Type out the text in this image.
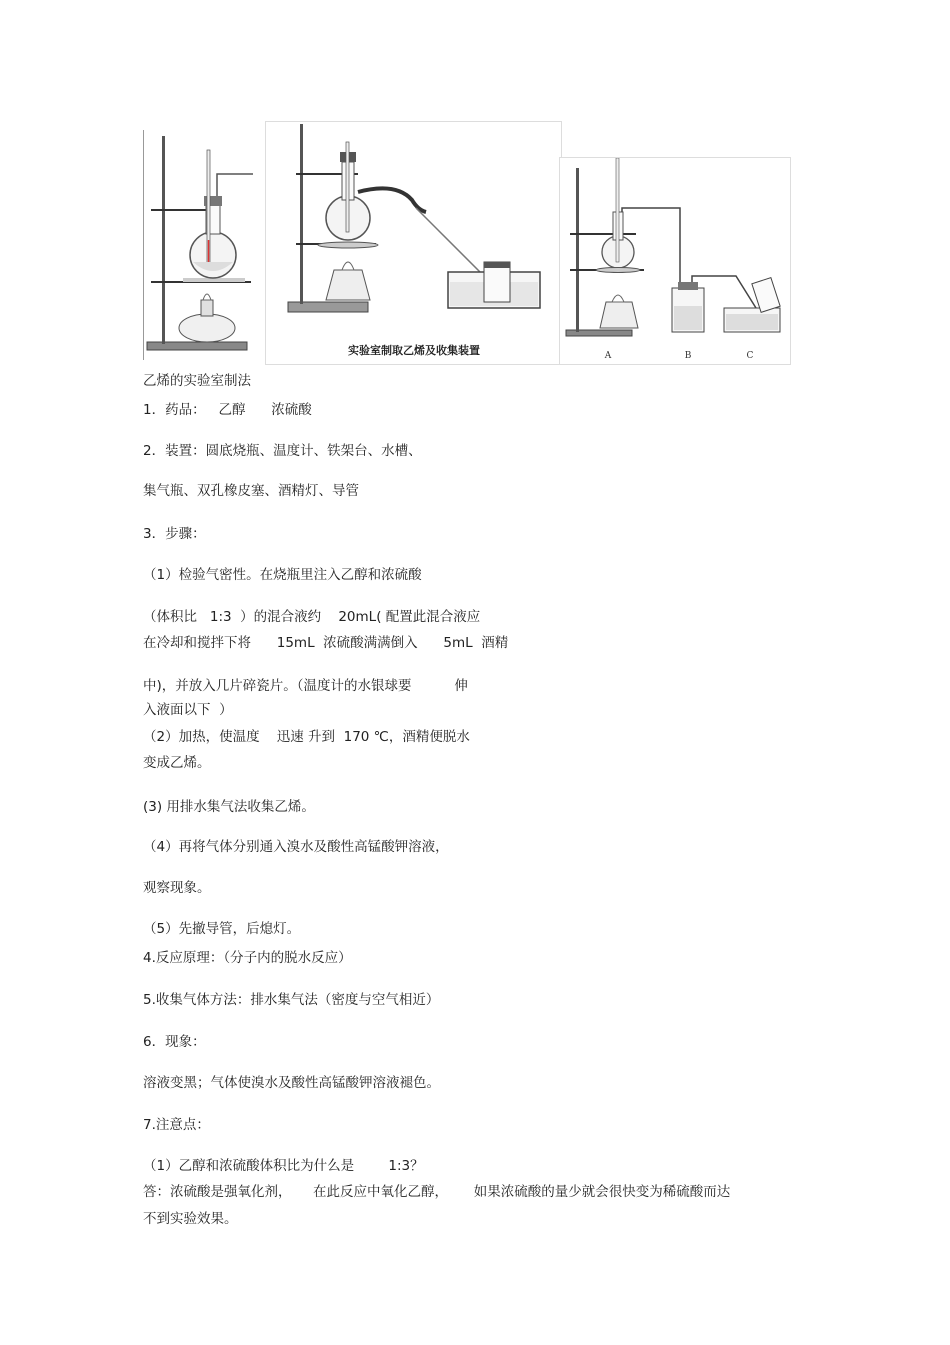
实验室制取乙烯及收集装置	A	B	C
乙烯的实验室制法
1．药品：   乙醇      浓硫酸
2．装置：圆底烧瓶、温度计、铁架台、水槽、
集气瓶、双孔橡皮塞、酒精灯、导管
3．步骤：
（1）检验气密性。在烧瓶里注入乙醇和浓硫酸
（体积比   1:3  ）的混合液约    20mL( 配置此混合液应
在冷却和搅拌下将      15mL  浓硫酸满满倒入      5mL  酒精
中)，并放入几片碎瓷片。（温度计的水银球要          伸
入液面以下  ）
（2）加热，使温度    迅速 升到  170 ℃，酒精便脱水
变成乙烯。
(3) 用排水集气法收集乙烯。
（4）再将气体分别通入溴水及酸性高锰酸钾溶液，
观察现象。
（5）先撤导管，后熄灯。
4.反应原理：（分子内的脱水反应）
5.收集气体方法：排水集气法（密度与空气相近）
6．现象：
溶液变黑；气体使溴水及酸性高锰酸钾溶液褪色。
7.注意点：
（1）乙醇和浓硫酸体积比为什么是        1:3？
答：浓硫酸是强氧化剂，     在此反应中氧化乙醇，      如果浓硫酸的量少就会很快变为稀硫酸而达
不到实验效果。
